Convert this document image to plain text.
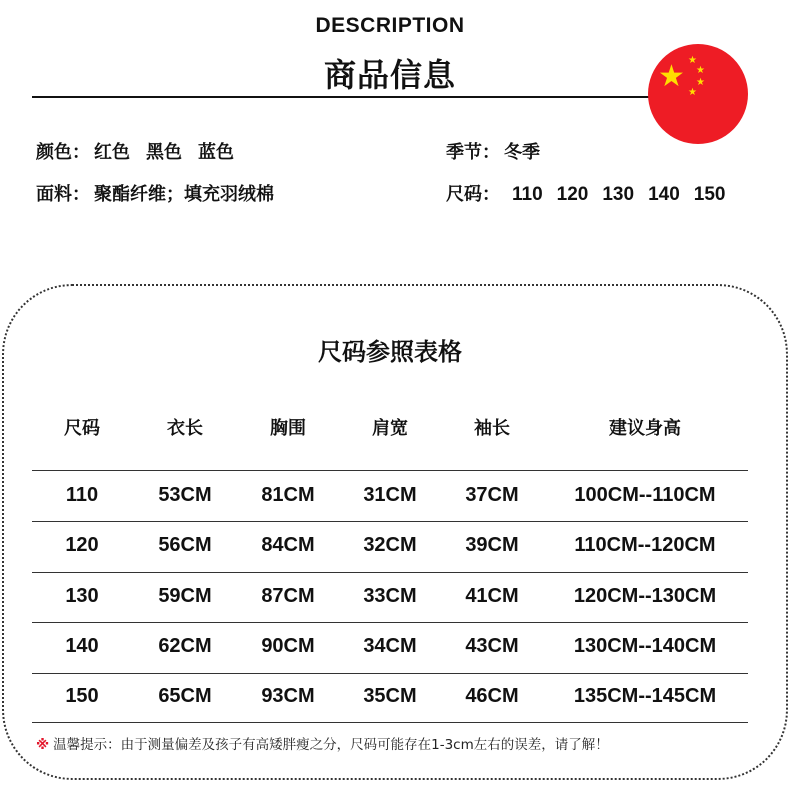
DESCRIPTION
商品信息	★ ★
★
★
★
颜色： 红色 黑色 蓝色	季节： 冬季
面料： 聚酯纤维；填充羽绒棉	尺码： 110 120 130 140 150
尺码参照表格
尺码	衣长	胸围	肩宽	袖长	建议身高
110	53CM	81CM	31CM	37CM	100CM--110CM
120	56CM	84CM	32CM	39CM	110CM--120CM
130	59CM	87CM	33CM	41CM	120CM--130CM
140	62CM	90CM	34CM	43CM	130CM--140CM
150	65CM	93CM	35CM	46CM	135CM--145CM
※ 温馨提示：由于测量偏差及孩子有高矮胖瘦之分，尺码可能存在1-3cm左右的误差，请了解！
